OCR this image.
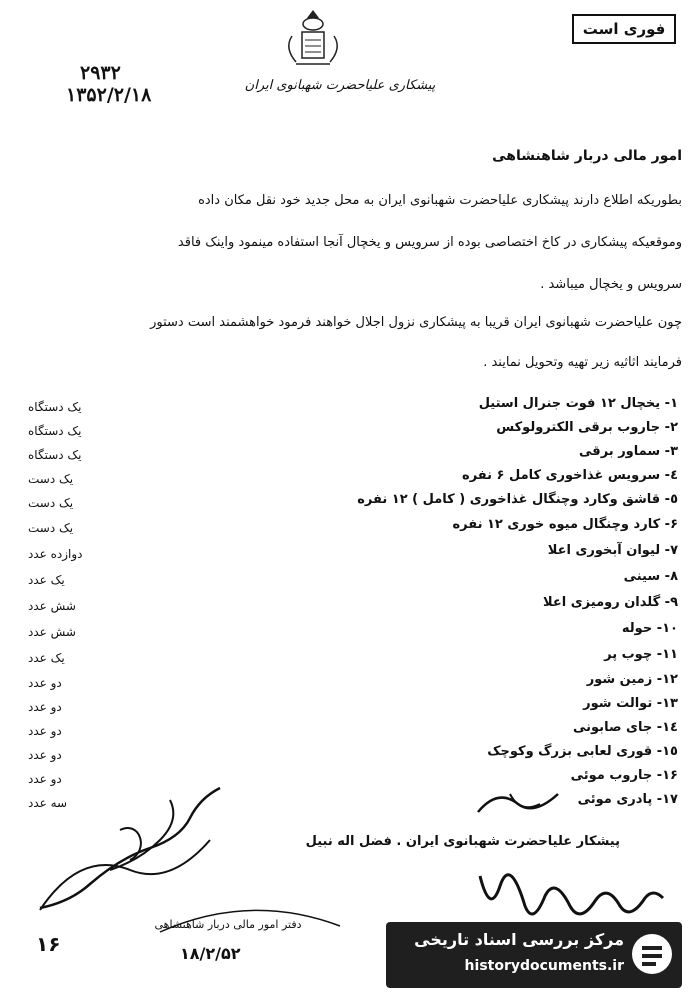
فوری است
پیشکاری علیاحضرت شهبانوی ایران
۲۹۳۲
۱۳۵۲/۲/۱۸
امور مالی دربار شاهنشاهی
بطوریکه اطلاع دارند پیشکاری علیاحضرت شهبانوی ایران به محل جدید خود نقل مکان داده
وموقعیکه پیشکاری در کاخ اختصاصی بوده از سرویس و یخچال آنجا استفاده مینمود واینک فاقد
سرویس و یخچال میباشد .
چون علیاحضرت شهبانوی ایران قریبا به پیشکاری نزول اجلال خواهند فرمود خواهشمند است دستور
فرمایند اثاثیه زیر تهیه وتحویل نمایند .
۱- یخچال ۱۲ فوت جنرال استیل
یک دستگاه
۲- جاروب برقی الکترولوکس
یک دستگاه
۳- سماور برقی
یک دستگاه
٤- سرویس غذاخوری کامل ۶ نفره
یک دست
٥- قاشق وکارد وچنگال غذاخوری ( کامل ) ۱۲ نفره
یک دست
۶- کارد وچنگال میوه خوری ۱۲ نفره
یک دست
۷- لیوان آبخوری اعلا
دوازده عدد
۸- سینی
یک عدد
۹- گلدان رومیزی اعلا
شش عدد
۱۰- حوله
شش عدد
۱۱- چوب پر
یک عدد
۱۲- زمین شور
دو عدد
۱۳- توالت شور
دو عدد
۱٤- جای صابونی
دو عدد
۱٥- قوری لعابی بزرگ وکوچک
دو عدد
۱۶- جاروب موئی
دو عدد
۱۷- پادری موئی
سه عدد
پیشکار علیاحضرت شهبانوی ایران . فضل اله نبیل
دفتر امور مالی دربار شاهنشاهی
۱۸/۲/۵۲
۱۶	مرکز بررسی اسناد تاریخی
historydocuments.ir
